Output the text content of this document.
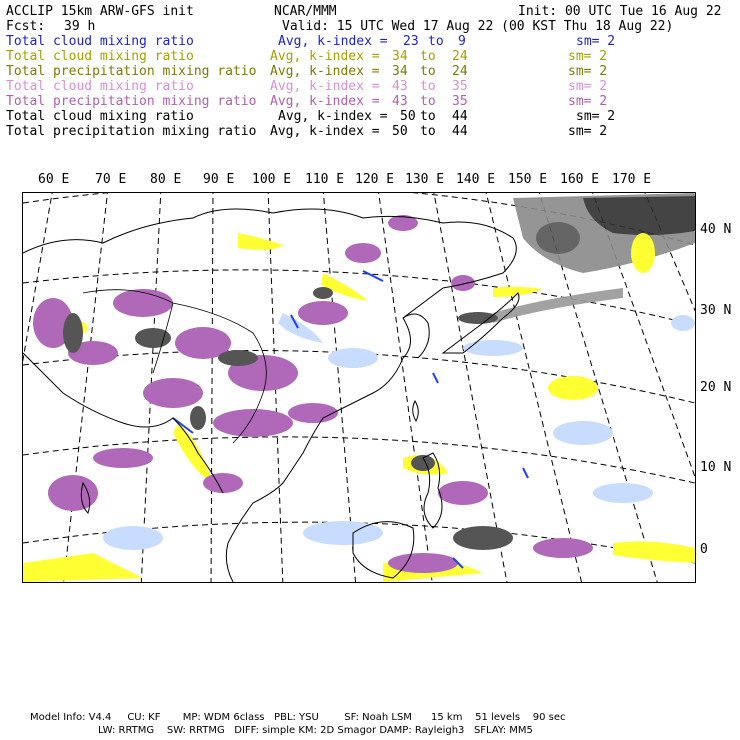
ACCLIP 15km ARW-GFS init	NCAR/MMM	Init: 00 UTC Tue 16 Aug 22
Fcst: 39 h	Valid: 15 UTC Wed 17 Aug 22 (00 KST Thu 18 Aug 22)
Total cloud mixing ratio	Avg, k-index = 23 to 9	sm= 2
Total cloud mixing ratio	Avg, k-index = 34 to 24	sm= 2
Total precipitation mixing ratio Avg, k-index = 34 to 24	sm= 2
Total cloud mixing ratio	Avg, k-index = 43 to 35	sm= 2
Total precipitation mixing ratio Avg, k-index = 43 to 35	sm= 2
Total cloud mixing ratio	Avg, k-index = 50 to 44	sm= 2
Total precipitation mixing ratio Avg, k-index = 50 to 44	sm= 2
60 E 70 E 80 E 90 E 100 E 110 E 120 E 130 E 140 E 150 E 160 E 170 E
40 N
30 N
20 N
10 N
0
Model Info: V4.4     CU: KF       MP: WDM 6class   PBL: YSU        SF: Noah LSM      15 km    51 levels    90 sec
LW: RRTMG    SW: RRTMG   DIFF: simple KM: 2D Smagor DAMP: Rayleigh3   SFLAY: MM5
